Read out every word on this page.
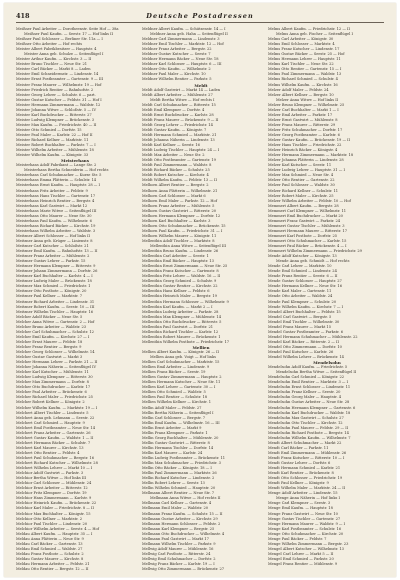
418	Deutsche Postadressen
Meißner Paul Arbeiter — Dorotheenstr. Seite Hof — 38a
Meißner Paul Kaufm. — Seestr. 17 — Hof links II
Meißner Paul Schlosser — Berliner Str. 11a — I
Meißner Otto Arbeiter — Hof rechts
Meister Albert Fabrikbesitzer — Hauptstr. 4
Meister Anna geb. Schulze — Seitenflügel I
Meister Arthur Kaufm. — Kirchstr. 3 — II
Meister Bruno Tischler — Neue Str. 21
Meister Carl Bäcker — Markt 8 — Laden
Meister Emil Schneidermstr. — Lindenstr. 14
Meister Ernst Postbeamter — Gartenstr. 9 — III
Meister Franz Maurer — Wilhelmstr. 19 — Hof
Meister Friedrich Rentier — Bahnhofstr. 2
Meister Georg Lehrer — Schulstr. 6 — part.
Meister Gustav Kutscher — Feldstr. 31 — Hof I
Meister Hermann Zimmermann — Waldstr. 12
Meister Johanna Witwe — Schloßstr. 5 — IV
Meister Karl Buchdrucker — Ritterstr. 27
Meister Ludwig Klempner — Brückenstr. 3
Meister Max Kaufm. — Friedrichstr. 40 — II
Meister Otto Schmied — Dorfstr. 15
Meister Paul Maler — Karlstr. 22 — Hof II
Meister Richard Kellner — Marktstr. 11
Meister Robert Buchhalter — Parkstr. 7 — I
Meister Wilhelm Arbeiter — Mühlenstr. 18
Meister Wilhelm Kaufm. — Königstr. 33
Meisterhans
Meisterhans Adolf Fabrikant — Lange Str. 2
Meisterhans Bertha Schneiderin — Hof rechts
Meisterhans Carl Schuhmacher — Kurze Str. 5
Meisterhans Emma Plätterin — Schulstr. 14
Meisterhans Ernst Kaufm. — Hauptstr. 28 — I
Meisterhans Fritz Arbeiter — Feldstr. 9
Meisterhans Hans Tischler — Gartenstr. 17
Meisterhans Heinrich Rentier — Bergstr. 4
Meisterhans Karl Gastwirt — Markt 12
Meisterhans Marie Witwe — Seitenflügel III
Meisterhans Otto Maurer — Neue Str. 30
Meisterhans Paul Kaufm. — Wilhelmstr. 6
Meisterhans Richard Bäcker — Kirchstr. 19
Meisterhans Wilhelm Arbeiter — Waldstr. 3
Meitzner Albert Schlosser — Hof links II
Meitzner Anna geb. Krüger — Linienstr. 8
Meitzner Carl Kutscher — Schloßstr. 21
Meitzner Emil Kaufm. — Bahnhofstr. 13 — II
Meitzner Franz Arbeiter — Mühlenstr. 2
Meitzner Gustav Lehrer — Parkstr. 15
Meitzner Hermann Klempner — Ritterstr. 9
Meitzner Johann Zimmermann — Dorfstr. 26
Meitzner Karl Buchhalter — Karlstr. 4 — I
Meitzner Ludwig Maler — Brückenstr. 18
Meitzner Max Schmied — Friedrichstr. 1
Meitzner Otto Postbote — Königstr. 20
Meitzner Paul Kellner — Marktstr. 7
Meitzner Richard Arbeiter — Lindenstr. 31
Meitzner Robert Kaufm. — Seestr. 10 — III
Meitzner Wilhelm Tischler — Hauptstr. 16
Melcher Adolf Bäcker — Neue Str. 5
Melcher Anna Witwe — Gartenstr. 2 — Hof
Melcher Bruno Arbeiter — Waldstr. 23
Melcher Carl Schuhmacher — Schulstr. 12
Melcher Emil Kaufm. — Kirchstr. 27 — I
Melcher Ernst Maurer — Feldstr. 18
Melcher Franz Rentier — Bergstr. 9
Melcher Georg Schlosser — Wilhelmstr. 14
Melcher Gustav Gastwirt — Markt 3
Melcher Hermann Lehrer — Parkstr. 21 — II
Melcher Johanna Näherin — Seitenflügel IV
Melcher Karl Kutscher — Mühlenstr. 11
Melcher Ludwig Klempner — Ritterstr. 30
Melcher Max Zimmermann — Dorfstr. 8
Melcher Otto Buchdrucker — Karlstr. 17
Melcher Paul Arbeiter — Brückenstr. 6
Melcher Richard Maler — Friedrichstr. 25
Melcher Robert Kellner — Königstr. 2
Melcher Wilhelm Kaufm. — Marktstr. 19 — I
Melchert Albert Tischler — Lindenstr. 5
Melchert Anna geb. Lehmann — Seestr. 22
Melchert Carl Schmied — Hauptstr. 9
Melchert Emil Postbeamter — Neue Str. 14
Melchert Franz Arbeiter — Gartenstr. 26
Melchert Gustav Kaufm. — Waldstr. 1 — II
Melchert Hermann Bäcker — Schulstr. 7
Melchert Karl Maurer — Kirchstr. 13
Melchert Otto Rentier — Feldstr. 4
Melchert Paul Schuhmacher — Bergstr. 16
Melchert Richard Kutscher — Wilhelmstr. 28
Melchert Wilhelm Lehrer — Markt 10 — I
Melchior Adolf Gastwirt — Parkstr. 3
Melchior Bertha Witwe — Hof links III
Melchior Carl Schlosser — Mühlenstr. 24
Melchior Ernst Arbeiter — Ritterstr. 12
Melchior Fritz Klempner — Dorfstr. 19
Melchior Hans Zimmermann — Karlstr. 9
Melchior Heinrich Kaufm. — Brückenstr. 22
Melchior Karl Maler — Friedrichstr. 8 — II
Melchior Max Buchhalter — Königstr. 15
Melchior Otto Kellner — Marktstr. 2
Melchior Paul Tischler — Lindenstr. 20
Melchior Wilhelm Arbeiter — Seestr. 4 — Hof
Meldau Albert Kaufm. — Hauptstr. 35 — I
Meldau Anna Plätterin — Neue Str. 9
Meldau Carl Bäcker — Gartenstr. 13
Meldau Emil Schmied — Waldstr. 27
Meldau Franz Postbote — Schulstr. 2
Meldau Gustav Maurer — Kirchstr. 8
Meldau Hermann Arbeiter — Feldstr. 21
Meldau Otto Rentier — Bergstr. 12 — II
Meldner Albert Kaufm. — Schützenstr. 14 — I
Meldner Anna geb. Hahn — Seitenflügel II
Meldner Carl Zimmermann — Lindenstr. 3
Meldner Emil Tischler — Marktstr. 12 — Hof
Meldner Franz Arbeiter — Bergstr. 22
Meldner Gustav Kutscher — Seestr. 7
Meldner Hermann Bäcker — Neue Str. 18
Meldner Karl Schlosser — Hauptstr. 6 — III
Meldner Otto Kaufm. — Wilhelmstr. 2
Meldner Paul Maler — Kirchstr. 10
Meldner Wilhelm Rentier — Parkstr. 5
Meldt
Meldt Adolf Gastwirt — Markt 14 — Laden
Meldt Albert Arbeiter — Mühlenstr. 27
Meldt Bertha Witwe — Hof rechts I
Meldt Carl Schuhmacher — Ritterstr. 15
Meldt Emil Klempner — Dorfstr. 4
Meldt Ernst Buchdrucker — Karlstr. 28
Meldt Franz Maurer — Brückenstr. 9 — II
Meldt Georg Lehrer — Friedrichstr. 14
Meldt Gustav Kaufm. — Königstr. 7
Meldt Hermann Schmied — Marktstr. 21
Meldt Johanna Näherin — Lindenstr. 13
Meldt Karl Kellner — Seestr. 16
Meldt Ludwig Tischler — Hauptstr. 24 — I
Meldt Max Arbeiter — Neue Str. 2
Meldt Otto Postbeamter — Gartenstr. 19
Meldt Paul Zimmermann — Waldstr. 8
Meldt Richard Bäcker — Schulstr. 25
Meldt Robert Kutscher — Kirchstr. 4
Meldt Wilhelm Kaufm. — Feldstr. 13 — II
Melhorn Albert Rentier — Bergstr. 2
Melhorn Anna Plätterin — Wilhelmstr. 21
Melhorn Carl Schlosser — Markt 6
Melhorn Emil Maler — Parkstr. 12 — Hof
Melhorn Franz Arbeiter — Mühlenstr. 5
Melhorn Gustav Gastwirt — Ritterstr. 20
Melhorn Hermann Klempner — Dorfstr. 12
Melhorn Karl Buchhalter — Karlstr. 3
Melhorn Otto Schuhmacher — Brückenstr. 15
Melhorn Paul Kaufm. — Friedrichstr. 31 — I
Melhorn Wilhelm Maurer — Königstr. 11
Mellenthin Adolf Tischler — Marktstr. 8
Mellenthin Anna Witwe — Seitenflügel III
Mellenthin Bruno Kaufm. — Lindenstr. 26
Mellenthin Carl Arbeiter — Seestr. 1
Mellenthin Emil Bäcker — Hauptstr. 13
Mellenthin Ernst Zimmermann — Neue Str. 25
Mellenthin Franz Kutscher — Gartenstr. 8
Mellenthin Fritz Lehrer — Waldstr. 16 — II
Mellenthin Georg Schmied — Schulstr. 9
Mellenthin Gustav Rentier — Kirchstr. 22
Mellenthin Hans Kellner — Feldstr. 6
Mellenthin Heinrich Maler — Bergstr. 19
Mellenthin Hermann Schlosser — Wilhelmstr. 9
Mellenthin Karl Kaufm. — Markt 2 — I
Mellenthin Ludwig Arbeiter — Parkstr. 28
Mellenthin Max Klempner — Mühlenstr. 14
Mellenthin Otto Buchdrucker — Ritterstr. 5
Mellenthin Paul Gastwirt — Dorfstr. 21
Mellenthin Richard Tischler — Karlstr. 12
Mellenthin Robert Maurer — Brückenstr. 1
Mellenthin Wilhelm Postbote — Friedrichstr. 17
Mellien
Mellien Albert Kaufm. — Königstr. 26 — II
Mellien Anna geb. Voigt — Hof links
Mellien Carl Schuhmacher — Marktstr. 15
Mellien Emil Arbeiter — Lindenstr. 9
Mellien Franz Bäcker — Seestr. 19
Mellien Gustav Zimmermann — Hauptstr. 2
Mellien Hermann Kutscher — Neue Str. 11
Mellien Karl Lehrer — Gartenstr. 30 — I
Mellien Otto Schmied — Waldstr. 5
Mellien Paul Rentier — Schulstr. 18
Mellien Wilhelm Kellner — Kirchstr. 1
Mellin Adolf Maler — Feldstr. 27
Mellin Bertha Näherin — Seitenflügel I
Mellin Carl Schlosser — Bergstr. 7
Mellin Emil Kaufm. — Wilhelmstr. 16 — III
Mellin Ernst Arbeiter — Markt 9
Mellin Franz Klempner — Parkstr. 1
Mellin Georg Buchhalter — Mühlenstr. 20
Mellin Gustav Gastwirt — Ritterstr. 8
Mellin Hermann Tischler — Dorfstr. 14
Mellin Karl Maurer — Karlstr. 24
Mellin Ludwig Postbeamter — Brückenstr. 11
Mellin Max Schuhmacher — Friedrichstr. 3
Mellin Otto Bäcker — Königstr. 18 — I
Mellin Paul Zimmermann — Marktstr. 26
Mellin Richard Kutscher — Lindenstr. 2
Mellin Robert Lehrer — Seestr. 13
Mellin Wilhelm Schmied — Hauptstr. 20
Mellmann Albert Rentier — Neue Str. 7
Mellmann Anna Witwe — Hof rechts II
Mellmann Carl Kellner — Gartenstr. 4
Mellmann Emil Maler — Waldstr. 20
Mellmann Franz Kaufm. — Schulstr. 15 — II
Mellmann Gustav Arbeiter — Kirchstr. 29
Mellmann Hermann Schlosser — Feldstr. 2
Mellmann Karl Klempner — Bergstr. 25
Mellmann Otto Buchdrucker — Wilhelmstr. 4
Mellmann Paul Gastwirt — Markt 17
Mellmann Wilhelm Tischler — Parkstr. 9
Mellwig Adolf Maurer — Mühlenstr. 16
Mellwig Carl Postbote — Ritterstr. 24
Mellwig Emil Schuhmacher — Dorfstr. 2
Mellwig Franz Bäcker — Karlstr. 19 — I
Mellwig Otto Zimmermann — Brückenstr. 27
Melms Albert Kaufm. — Friedrichstr. 12 — II
Melms Anna geb. Fischer — Seitenflügel I
Melms Carl Arbeiter — Königstr. 30
Melms Emil Schlosser — Marktstr. 4
Melms Franz Kutscher — Lindenstr. 17
Melms Gustav Bäcker — Seestr. 25 — Hof
Melms Hermann Lehrer — Hauptstr. 11
Melms Karl Tischler — Neue Str. 22
Melms Otto Rentier — Gartenstr. 15 — I
Melms Paul Zimmermann — Waldstr. 13
Melms Richard Schmied — Schulstr. 4
Melms Wilhelm Kaufm. — Kirchstr. 16
Melzer Adolf Maler — Feldstr. 24
Melzer Albert Kellner — Bergstr. 10
Melzer Anna Witwe — Hof links II
Melzer Bruno Klempner — Wilhelmstr. 25
Melzer Carl Buchhalter — Markt 1 — I
Melzer Emil Arbeiter — Parkstr. 17
Melzer Ernst Gastwirt — Mühlenstr. 8
Melzer Franz Maurer — Ritterstr. 29
Melzer Fritz Schuhmacher — Dorfstr. 17
Melzer Georg Postbeamter — Karlstr. 6
Melzer Gustav Kaufm. — Brückenstr. 19 — II
Melzer Hans Tischler — Friedrichstr. 22
Melzer Heinrich Bäcker — Königstr. 4
Melzer Hermann Zimmermann — Marktstr. 18
Melzer Johanna Plätterin — Lindenstr. 28
Melzer Karl Kutscher — Seestr. 11
Melzer Ludwig Lehrer — Hauptstr. 31 — I
Melzer Max Schmied — Neue Str. 4
Melzer Otto Rentier — Gartenstr. 22
Melzer Paul Schlosser — Waldstr. 30
Melzer Richard Kellner — Schulstr. 11
Melzer Robert Maler — Kirchstr. 25
Melzer Wilhelm Arbeiter — Feldstr. 10 — Hof
Memmert Albert Kaufm. — Bergstr. 28
Memmert Carl Klempner — Wilhelmstr. 11
Memmert Emil Buchdrucker — Markt 20
Memmert Franz Gastwirt — Parkstr. 24
Memmert Gustav Tischler — Mühlenstr. 3
Memmert Hermann Maurer — Ritterstr. 17
Memmert Karl Postbote — Dorfstr. 25
Memmert Otto Schuhmacher — Karlstr. 15
Memmert Paul Bäcker — Brückenstr. 4 — I
Memmert Wilhelm Zimmermann — Friedrichstr. 29
Mende Adolf Kutscher — Königstr. 13
Mende Anna geb. Schmidt — Hof rechts
Mende Carl Lehrer — Marktstr. 10
Mende Emil Schmied — Lindenstr. 24
Mende Franz Rentier — Seestr. 6 — II
Mende Gustav Schlosser — Hauptstr. 27
Mende Hermann Kellner — Neue Str. 16
Mende Karl Maler — Gartenstr. 11
Mende Otto Arbeiter — Waldstr. 24
Mende Paul Klempner — Schulstr. 20
Mende Wilhelm Kaufm. — Kirchstr. 7 — I
Mendel Albert Buchhalter — Feldstr. 15
Mendel Carl Gastwirt — Bergstr. 5
Mendel Emil Tischler — Wilhelmstr. 30
Mendel Franz Maurer — Markt 15
Mendel Gustav Postbeamter — Parkstr. 6
Mendel Hermann Schuhmacher — Mühlenstr. 22
Mendel Karl Bäcker — Ritterstr. 2 — II
Mendel Otto Zimmermann — Dorfstr. 10
Mendel Paul Kutscher — Karlstr. 26
Mendel Wilhelm Lehrer — Brückenstr. 14
Mendelsohn
Mendelsohn Adolf Kaufm. — Friedrichstr. 5
Mendelsohn Bertha Witwe — Seitenflügel II
Mendelsohn Carl Schmied — Königstr. 22
Mendelsohn Emil Rentier — Marktstr. 3 — I
Mendelsohn Ernst Schlosser — Lindenstr. 11
Mendelsohn Franz Kellner — Seestr. 20
Mendelsohn Georg Maler — Hauptstr. 4
Mendelsohn Gustav Arbeiter — Neue Str. 28
Mendelsohn Hermann Klempner — Gartenstr. 6
Mendelsohn Karl Buchdrucker — Waldstr. 18
Mendelsohn Max Gastwirt — Schulstr. 27
Mendelsohn Otto Tischler — Kirchstr. 12
Mendelsohn Paul Maurer — Feldstr. 29 — II
Mendelsohn Richard Postbote — Bergstr. 14
Mendelsohn Wilhelm Kaufm. — Wilhelmstr. 7
Mendt Albert Schuhmacher — Markt 22
Mendt Carl Bäcker — Parkstr. 11
Mendt Emil Zimmermann — Mühlenstr. 26
Mendt Franz Kutscher — Ritterstr. 10 — I
Mendt Gustav Lehrer — Dorfstr. 6
Mendt Hermann Schmied — Karlstr. 21
Mendt Karl Rentier — Brückenstr. 8
Mendt Otto Schlosser — Friedrichstr. 19
Mendt Paul Kellner — Königstr. 9
Mendt Wilhelm Maler — Marktstr. 24 — II
Menge Adolf Arbeiter — Lindenstr. 15
Menge Anna Näherin — Hof links I
Menge Carl Klempner — Seestr. 3
Menge Emil Kaufm. — Hauptstr. 18
Menge Franz Gastwirt — Neue Str. 10
Menge Gustav Tischler — Gartenstr. 27
Menge Hermann Maurer — Waldstr. 9 — I
Menge Karl Postbeamter — Schulstr. 16
Menge Otto Schuhmacher — Kirchstr. 20
Menge Paul Bäcker — Feldstr. 7
Menge Wilhelm Zimmermann — Bergstr. 23
Mengel Albert Kutscher — Wilhelmstr. 13
Mengel Carl Lehrer — Markt 5 — II
Mengel Emil Schmied — Parkstr. 20
Mengel Franz Rentier — Mühlenstr. 9
